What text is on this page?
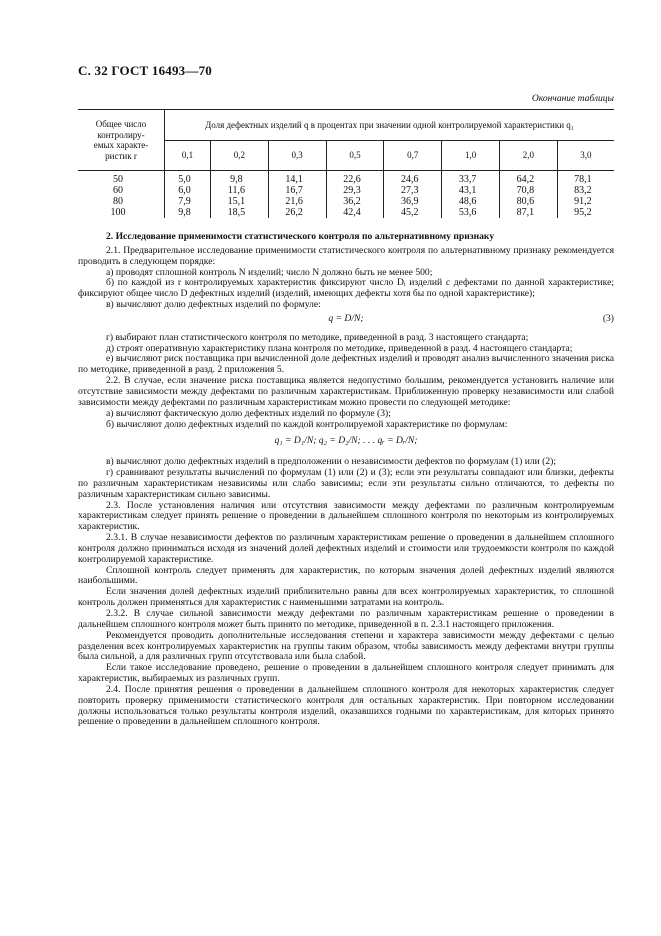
С. 32 ГОСТ 16493—70
Окончание таблицы
Общее число
контролиру-
емых характе-
ристик r	Доля дефектных изделий q в процентах при значении одной контролируемой характеристики q₁							
	0,1	0,2	0,3	0,5	0,7	1,0	2,0	3,0
50	5,0	9,8	14,1	22,6	24,6	33,7	64,2	78,1
60	6,0	11,6	16,7	29,3	27,3	43,1	70,8	83,2
80	7,9	15,1	21,6	36,2	36,9	48,6	80,6	91,2
100	9,8	18,5	26,2	42,4	45,2	53,6	87,1	95,2

2. Исследование применимости статистического контроля по альтернативному признаку

2.1. Предварительное исследование применимости статистического контроля по альтернативному признаку рекомендуется проводить в следующем порядке:

а) проводят сплошной контроль N изделий; число N должно быть не менее 500;

б) по каждой из r контролируемых характеристик фиксируют число Dᵢ изделий с дефектами по данной характеристике; фиксируют общее число D дефектных изделий (изделий, имеющих дефекты хотя бы по одной характеристике);

в) вычисляют долю дефектных изделий по формуле:

q = D/N;	(3)

г) выбирают план статистического контроля по методике, приведенной в разд. 3 настоящего стандарта;

д) строят оперативную характеристику плана контроля по методике, приведенной в разд. 4 настоящего стандарта;

е) вычисляют риск поставщика при вычисленной доле дефектных изделий и проводят анализ вычисленного значения риска по методике, приведенной в разд. 2 приложения 5.

2.2. В случае, если значение риска поставщика является недопустимо большим, рекомендуется установить наличие или отсутствие зависимости между дефектами по различным характеристикам. Приближенную проверку независимости или слабой зависимости между дефектами по различным характеристикам можно провести по следующей методике:

а) вычисляют фактическую долю дефектных изделий по формуле (3);

б) вычисляют долю дефектных изделий по каждой контролируемой характеристике по формулам:

q₁ = D₁/N; q₂ = D₂/N; . . . qᵣ = Dᵣ/N;

в) вычисляют долю дефектных изделий в предположении о независимости дефектов по формулам (1) или (2);

г) сравнивают результаты вычислений по формулам (1) или (2) и (3); если эти результаты совпадают или близки, дефекты по различным характеристикам независимы или слабо зависимы; если эти результаты сильно отличаются, то дефекты по различным характеристикам сильно зависимы.

2.3. После установления наличия или отсутствия зависимости между дефектами по различным контролируемым характеристикам следует принять решение о проведении в дальнейшем сплошного контроля по некоторым из контролируемых характеристик.

2.3.1. В случае независимости дефектов по различным характеристикам решение о проведении в дальнейшем сплошного контроля должно приниматься исходя из значений долей дефектных изделий и стоимости или трудоемкости контроля по каждой контролируемой характеристике.

Сплошной контроль следует применять для характеристик, по которым значения долей дефектных изделий являются наибольшими.

Если значения долей дефектных изделий приблизительно равны для всех контролируемых характеристик, то сплошной контроль должен применяться для характеристик с наименьшими затратами на контроль.

2.3.2. В случае сильной зависимости между дефектами по различным характеристикам решение о проведении в дальнейшем сплошного контроля может быть принято по методике, приведенной в п. 2.3.1 настоящего приложения.

Рекомендуется проводить дополнительные исследования степени и характера зависимости между дефектами с целью разделения всех контролируемых характеристик на группы таким образом, чтобы зависимость между дефектами внутри группы была сильной, а для различных групп отсутствовала или была слабой.

Если такое исследование проведено, решение о проведении в дальнейшем сплошного контроля следует принимать для характеристик, выбираемых из различных групп.

2.4. После принятия решения о проведении в дальнейшем сплошного контроля для некоторых характеристик следует повторить проверку применимости статистического контроля для остальных характеристик. При повторном исследовании должны использоваться только результаты контроля изделий, оказавшихся годными по характеристикам, для которых принято решение о проведении в дальнейшем сплошного контроля.
